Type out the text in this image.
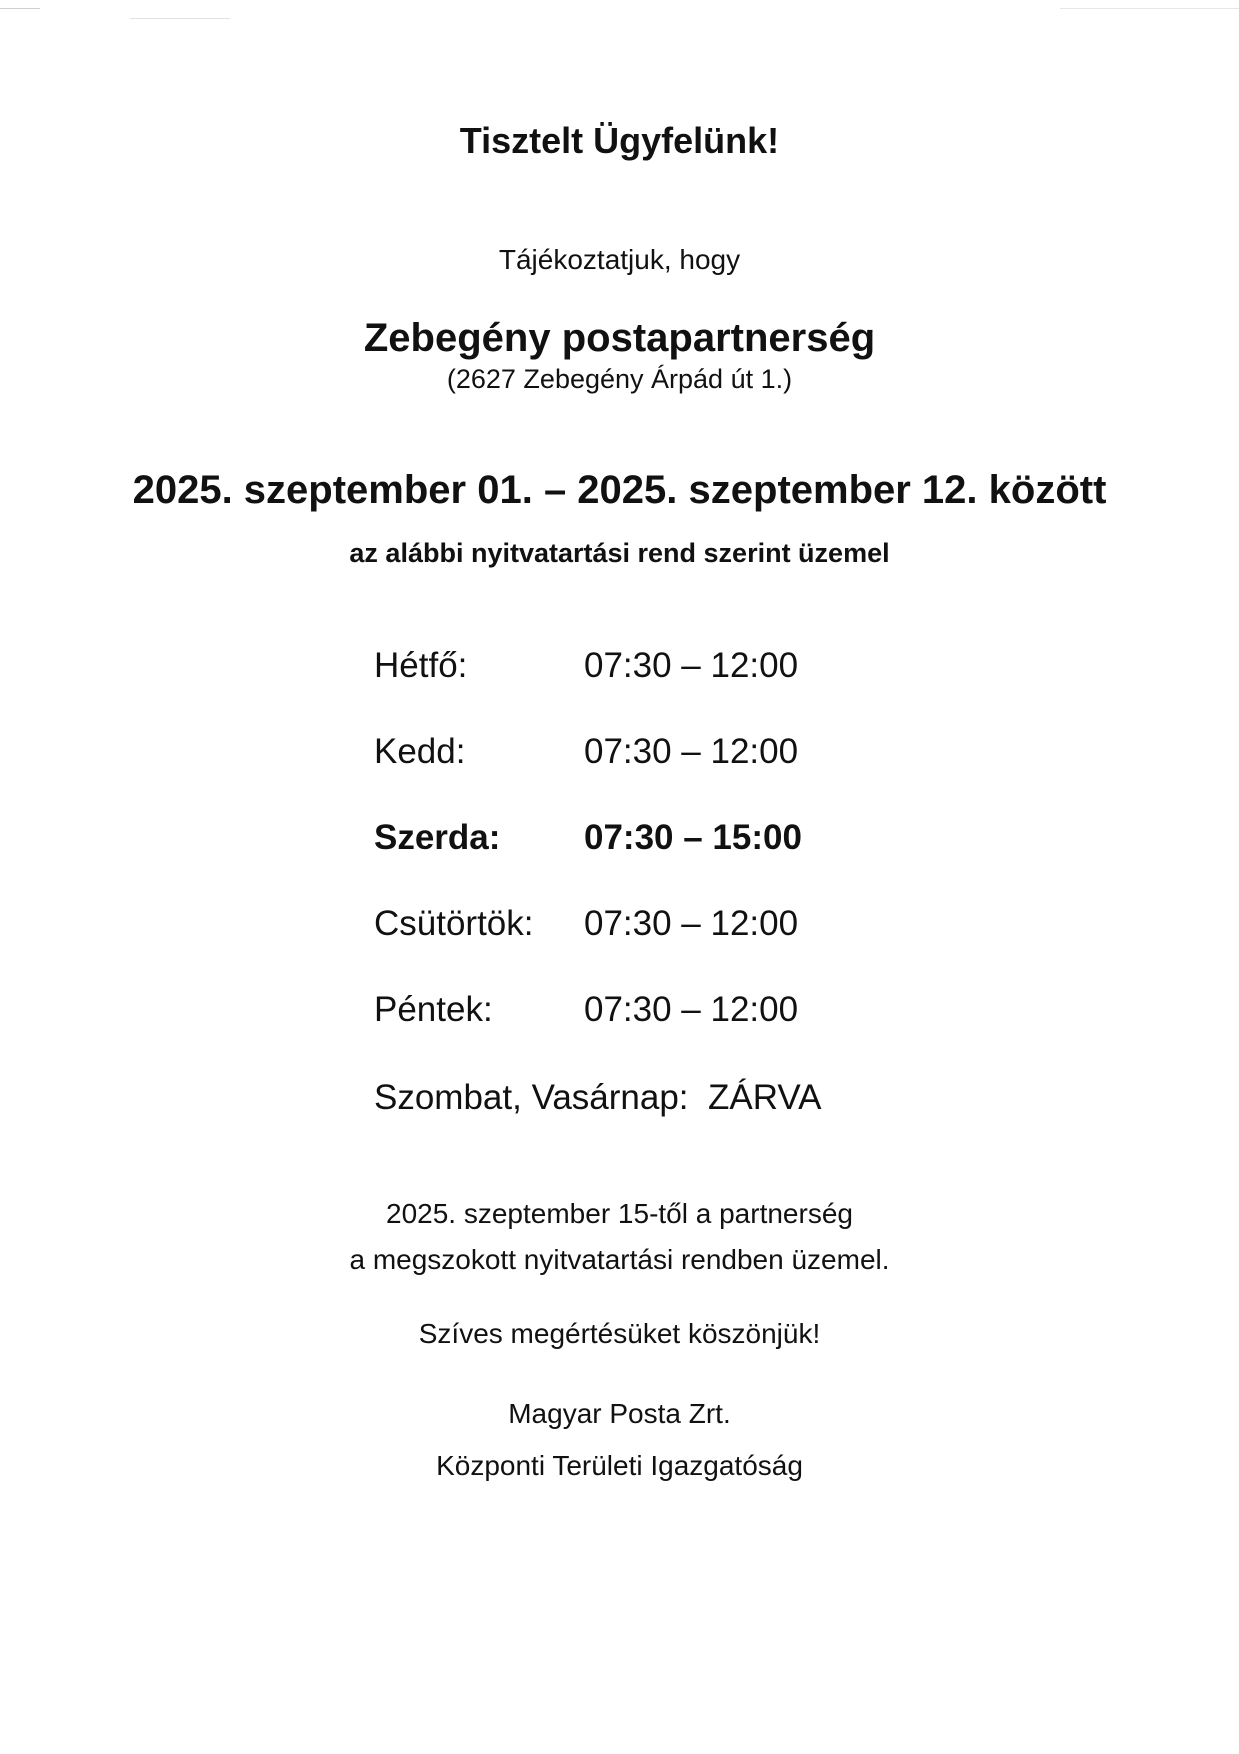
Tisztelt Ügyfelünk!
Tájékoztatjuk, hogy
Zebegény postapartnerség
(2627 Zebegény Árpád út 1.)
2025. szeptember 01. – 2025. szeptember 12. között
az alábbi nyitvatartási rend szerint üzemel
Hétfő:	07:30 – 12:00
Kedd:	07:30 – 12:00
Szerda: 07:30 – 15:00
Csütörtök: 07:30 – 12:00
Péntek:	07:30 – 12:00
Szombat, Vasárnap:  ZÁRVA
2025. szeptember 15-től a partnerség
a megszokott nyitvatartási rendben üzemel.
Szíves megértésüket köszönjük!
Magyar Posta Zrt.
Központi Területi Igazgatóság
